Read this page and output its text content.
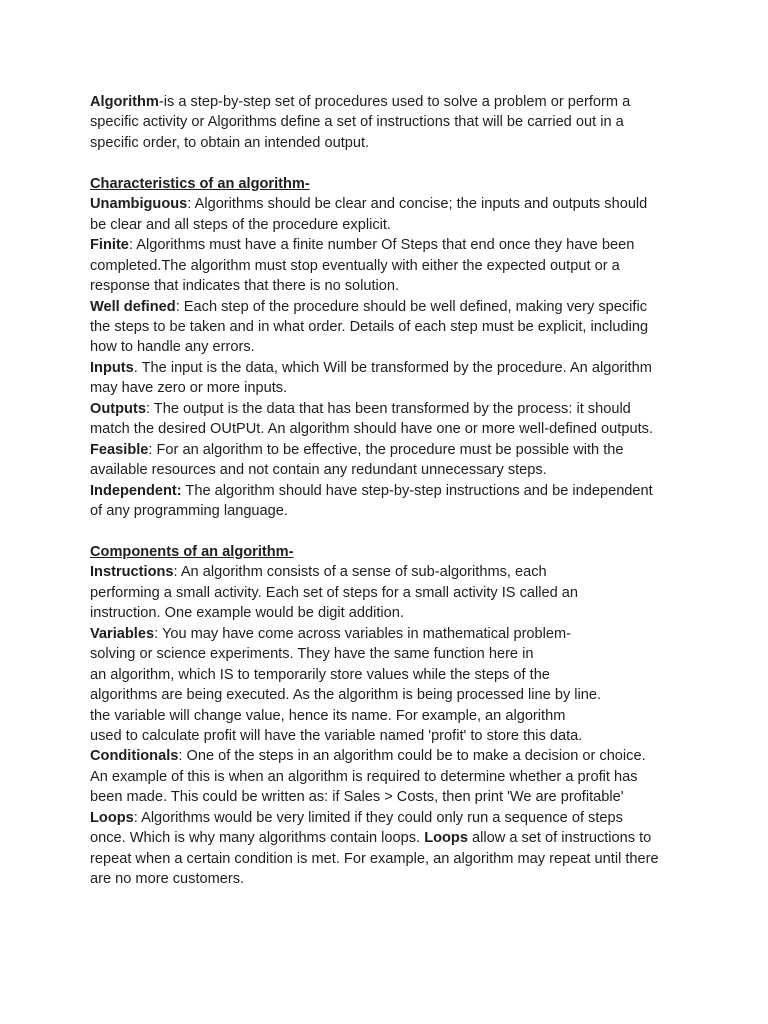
Algorithm-is a step-by-step set of procedures used to solve a problem or perform a
specific activity or Algorithms define a set of instructions that will be carried out in a
specific order, to obtain an intended output.

Characteristics of an algorithm-

Unambiguous: Algorithms should be clear and concise; the inputs and outputs should
be clear and all steps of the procedure explicit.

Finite: Algorithms must have a finite number Of Steps that end once they have been
completed.The algorithm must stop eventually with either the expected output or a
response that indicates that there is no solution.

Well defined: Each step of the procedure should be well defined, making very specific
the steps to be taken and in what order. Details of each step must be explicit, including
how to handle any errors.

Inputs. The input is the data, which Will be transformed by the procedure. An algorithm
may have zero or more inputs.

Outputs: The output is the data that has been transformed by the process: it should
match the desired OUtPUt. An algorithm should have one or more well-defined outputs.

Feasible: For an algorithm to be effective, the procedure must be possible with the
available resources and not contain any redundant unnecessary steps.

Independent: The algorithm should have step-by-step instructions and be independent
of any programming language.

Components of an algorithm-

Instructions: An algorithm consists of a sense of sub-algorithms, each
performing a small activity. Each set of steps for a small activity IS called an
instruction. One example would be digit addition.

Variables: You may have come across variables in mathematical problem-
solving or science experiments. They have the same function here in
an algorithm, which IS to temporarily store values while the steps of the
algorithms are being executed. As the algorithm is being processed line by line.
the variable will change value, hence its name. For example, an algorithm
used to calculate profit will have the variable named 'profit' to store this data.

Conditionals: One of the steps in an algorithm could be to make a decision or choice.
An example of this is when an algorithm is required to determine whether a profit has
been made. This could be written as: if Sales > Costs, then print 'We are profitable'

Loops: Algorithms would be very limited if they could only run a sequence of steps
once. Which is why many algorithms contain loops. Loops allow a set of instructions to
repeat when a certain condition is met. For example, an algorithm may repeat until there
are no more customers.
